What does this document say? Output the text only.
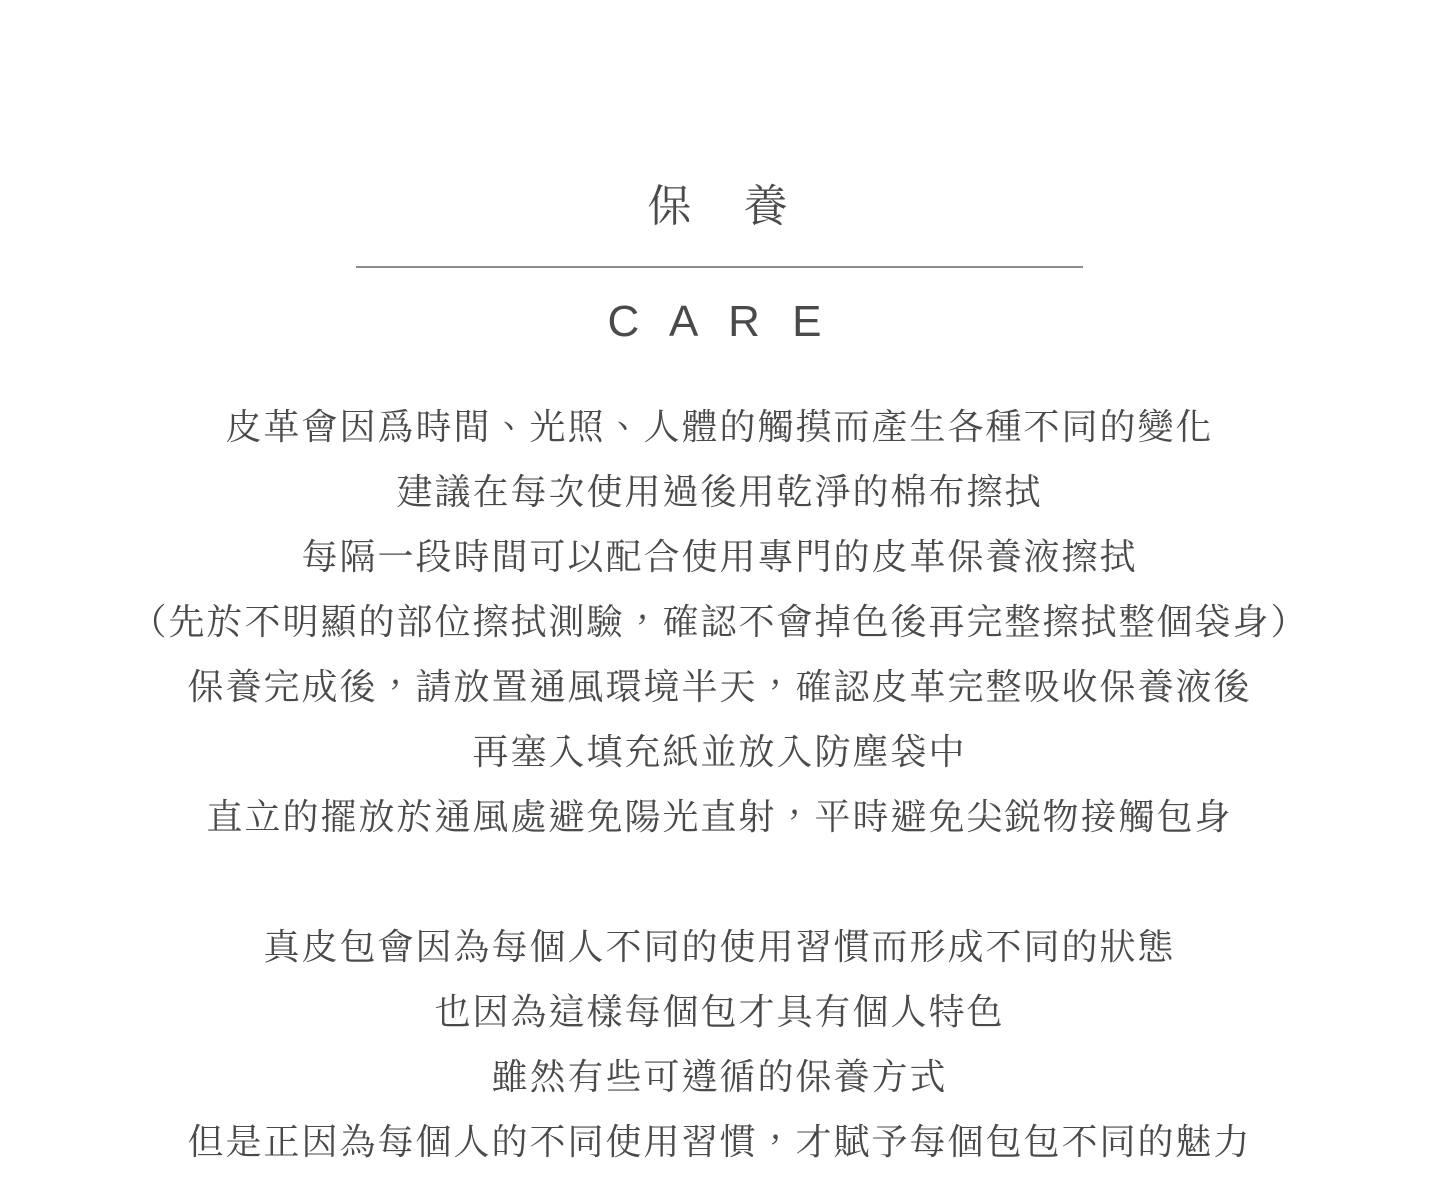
保　養
C A R E
皮革會因爲時間、光照、人體的觸摸而產生各種不同的變化
建議在每次使用過後用乾淨的棉布擦拭
每隔一段時間可以配合使用專門的皮革保養液擦拭
（先於不明顯的部位擦拭測驗，確認不會掉色後再完整擦拭整個袋身）
保養完成後，請放置通風環境半天，確認皮革完整吸收保養液後
再塞入填充紙並放入防塵袋中
直立的擺放於通風處避免陽光直射，平時避免尖鋭物接觸包身
真皮包會因為每個人不同的使用習慣而形成不同的狀態
也因為這樣每個包才具有個人特色
雖然有些可遵循的保養方式
但是正因為每個人的不同使用習慣，才賦予每個包包不同的魅力
